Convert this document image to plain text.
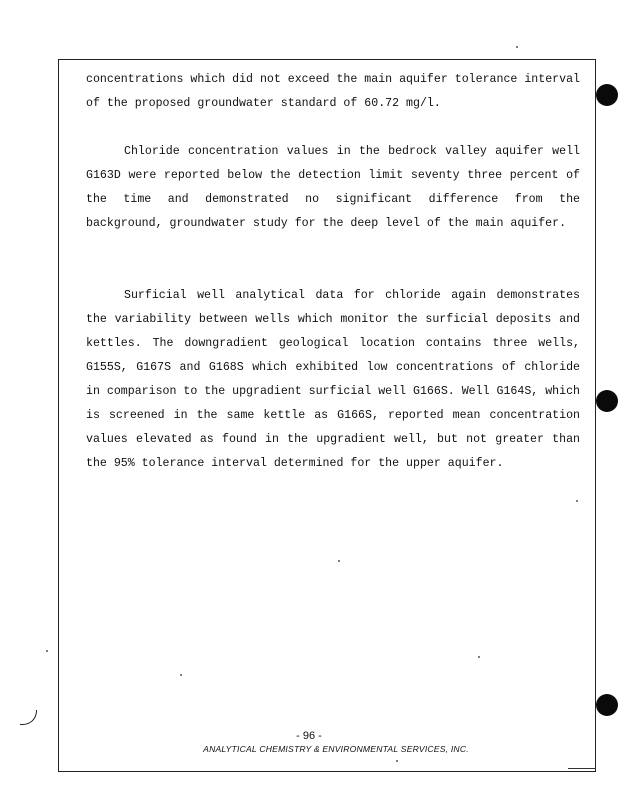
concentrations which did not exceed the main aquifer tolerance interval of the proposed groundwater standard of 60.72 mg/l.

Chloride concentration values in the bedrock valley aquifer well G163D were reported below the detection limit seventy three percent of the time and demonstrated no significant difference from the background, groundwater study for the deep level of the main aquifer.

Surficial well analytical data for chloride again demonstrates the variability between wells which monitor the surficial deposits and kettles. The downgradient geological location contains three wells, G155S, G167S and G168S which exhibited low concentrations of chloride in comparison to the upgradient surficial well G166S. Well G164S, which is screened in the same kettle as G166S, reported mean concentration values elevated as found in the upgradient well, but not greater than the 95% tolerance interval determined for the upper aquifer.

- 96 -
ANALYTICAL CHEMISTRY & ENVIRONMENTAL SERVICES, INC.
